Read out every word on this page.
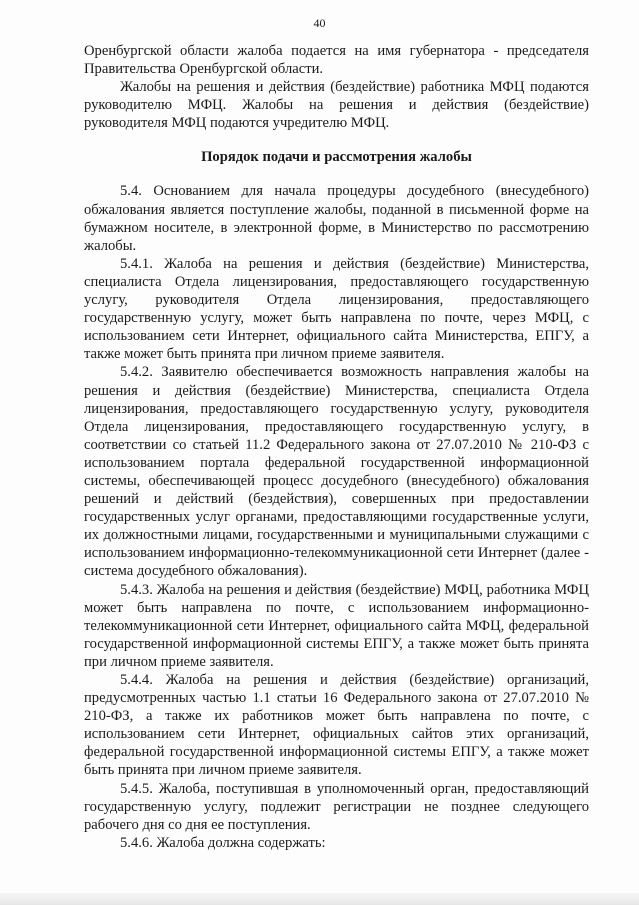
40

Оренбургской области жалоба подается на имя губернатора - председателя Правительства Оренбургской области.

Жалобы на решения и действия (бездействие) работника МФЦ подаются руководителю МФЦ. Жалобы на решения и действия (бездействие) руководителя МФЦ подаются учредителю МФЦ.

Порядок подачи и рассмотрения жалобы

5.4. Основанием для начала процедуры досудебного (внесудебного) обжалования является поступление жалобы, поданной в письменной форме на бумажном носителе, в электронной форме, в Министерство по рассмотрению жалобы.

5.4.1. Жалоба на решения и действия (бездействие) Министерства, специалиста Отдела лицензирования, предоставляющего государственную услугу, руководителя Отдела лицензирования, предоставляющего государственную услугу, может быть направлена по почте, через МФЦ, с использованием сети Интернет, официального сайта Министерства, ЕПГУ, а также может быть принята при личном приеме заявителя.

5.4.2. Заявителю обеспечивается возможность направления жалобы на решения и действия (бездействие) Министерства, специалиста Отдела лицензирования, предоставляющего государственную услугу, руководителя Отдела лицензирования, предоставляющего государственную услугу, в соответствии со статьей 11.2 Федерального закона от 27.07.2010 № 210-ФЗ с использованием портала федеральной государственной информационной системы, обеспечивающей процесс досудебного (внесудебного) обжалования решений и действий (бездействия), совершенных при предоставлении государственных услуг органами, предоставляющими государственные услуги, их должностными лицами, государственными и муниципальными служащими с использованием информационно-телекоммуникационной сети Интернет (далее - система досудебного обжалования).

5.4.3. Жалоба на решения и действия (бездействие) МФЦ, работника МФЦ может быть направлена по почте, с использованием информационно-телекоммуникационной сети Интернет, официального сайта МФЦ, федеральной государственной информационной системы ЕПГУ, а также может быть принята при личном приеме заявителя.

5.4.4. Жалоба на решения и действия (бездействие) организаций, предусмотренных частью 1.1 статьи 16 Федерального закона от 27.07.2010 № 210-ФЗ, а также их работников может быть направлена по почте, с использованием сети Интернет, официальных сайтов этих организаций, федеральной государственной информационной системы ЕПГУ, а также может быть принята при личном приеме заявителя.

5.4.5. Жалоба, поступившая в уполномоченный орган, предоставляющий государственную услугу, подлежит регистрации не позднее следующего рабочего дня со дня ее поступления.

5.4.6. Жалоба должна содержать:
